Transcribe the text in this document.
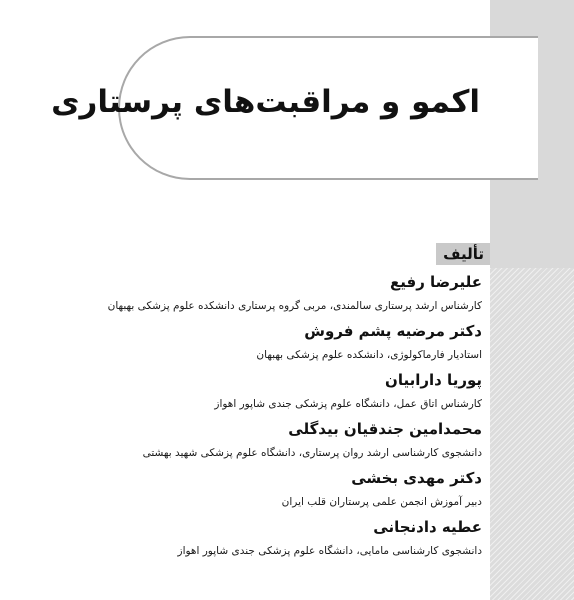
اکمو و مراقبت‌های پرستاری
تألیف

علیرضا رفیع

کارشناس ارشد پرستاری سالمندی، مربی گروه پرستاری دانشکده علوم پزشکی بهبهان

دکتر مرضیه پشم فروش

استادیار فارماکولوژی، دانشکده علوم پزشکی بهبهان

پوریا دارابیان

کارشناس اتاق عمل، دانشگاه علوم پزشکی جندی شاپور اهواز

محمدامین جندقیان بیدگلی

دانشجوی کارشناسی ارشد روان پرستاری، دانشگاه علوم پزشکی شهید بهشتی

دکتر مهدی بخشی

دبیر آموزش انجمن علمی پرستاران قلب ایران

عطیه دادنجانی

دانشجوی کارشناسی مامایی، دانشگاه علوم پزشکی جندی شاپور اهواز
